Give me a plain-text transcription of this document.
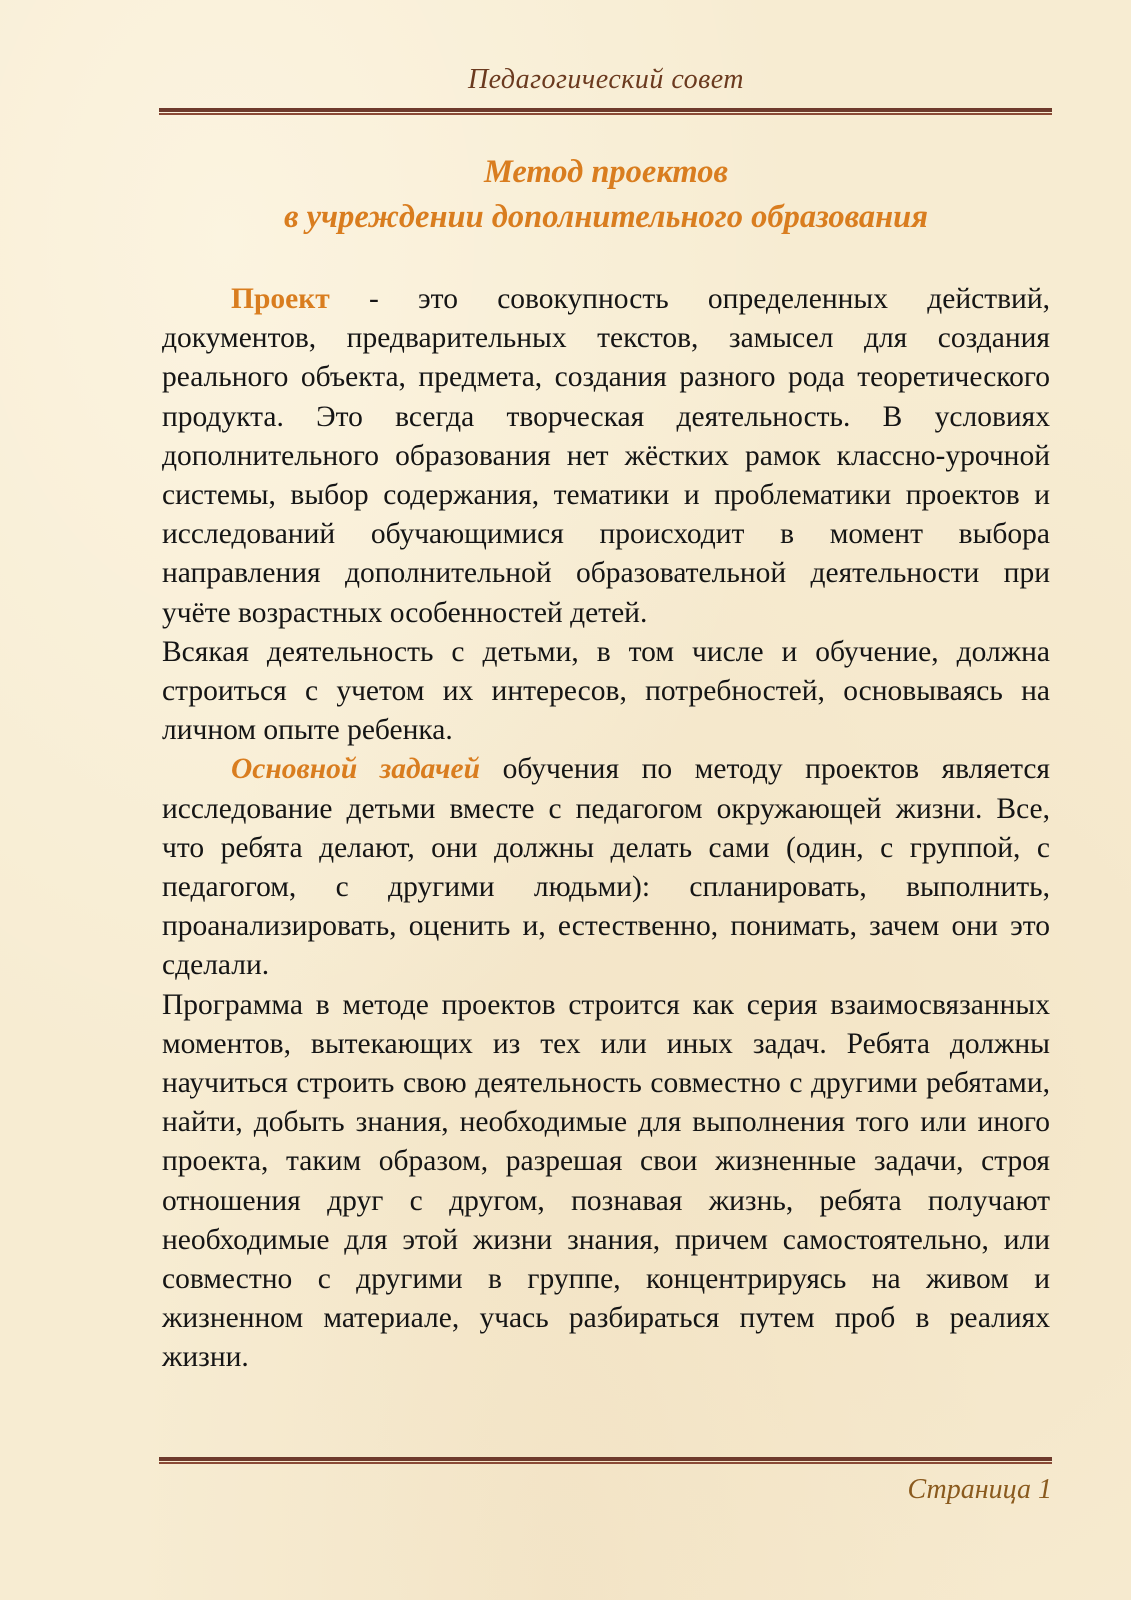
Педагогический совет
Метод проектов
в учреждении дополнительного образования

Проект - это совокупность определенных действий, документов, предварительных текстов, замысел для создания реального объекта, предмета, создания разного рода теоретического продукта. Это всегда творческая деятельность. В условиях дополнительного образования нет жёстких рамок классно-урочной системы, выбор содержания, тематики и проблематики проектов и исследований обучающимися происходит в момент выбора направления дополнительной образовательной деятельности при учёте возрастных особенностей детей.

Всякая деятельность с детьми, в том числе и обучение, должна строиться с учетом их интересов, потребностей, основываясь на личном опыте ребенка.

Основной задачей обучения по методу проектов является исследование детьми вместе с педагогом окружающей жизни. Все, что ребята делают, они должны делать сами (один, с группой, с педагогом, с другими людьми): спланировать, выполнить, проанализировать, оценить и, естественно, понимать, зачем они это сделали.

Программа в методе проектов строится как серия взаимосвязанных моментов, вытекающих из тех или иных задач. Ребята должны научиться строить свою деятельность совместно с другими ребятами, найти, добыть знания, необходимые для выполнения того или иного проекта, таким образом, разрешая свои жизненные задачи, строя отношения друг с другом, познавая жизнь, ребята получают необходимые для этой жизни знания, причем самостоятельно, или совместно с другими в группе, концентрируясь на живом и жизненном материале, учась разбираться путем проб в реалиях жизни.

Страница 1
